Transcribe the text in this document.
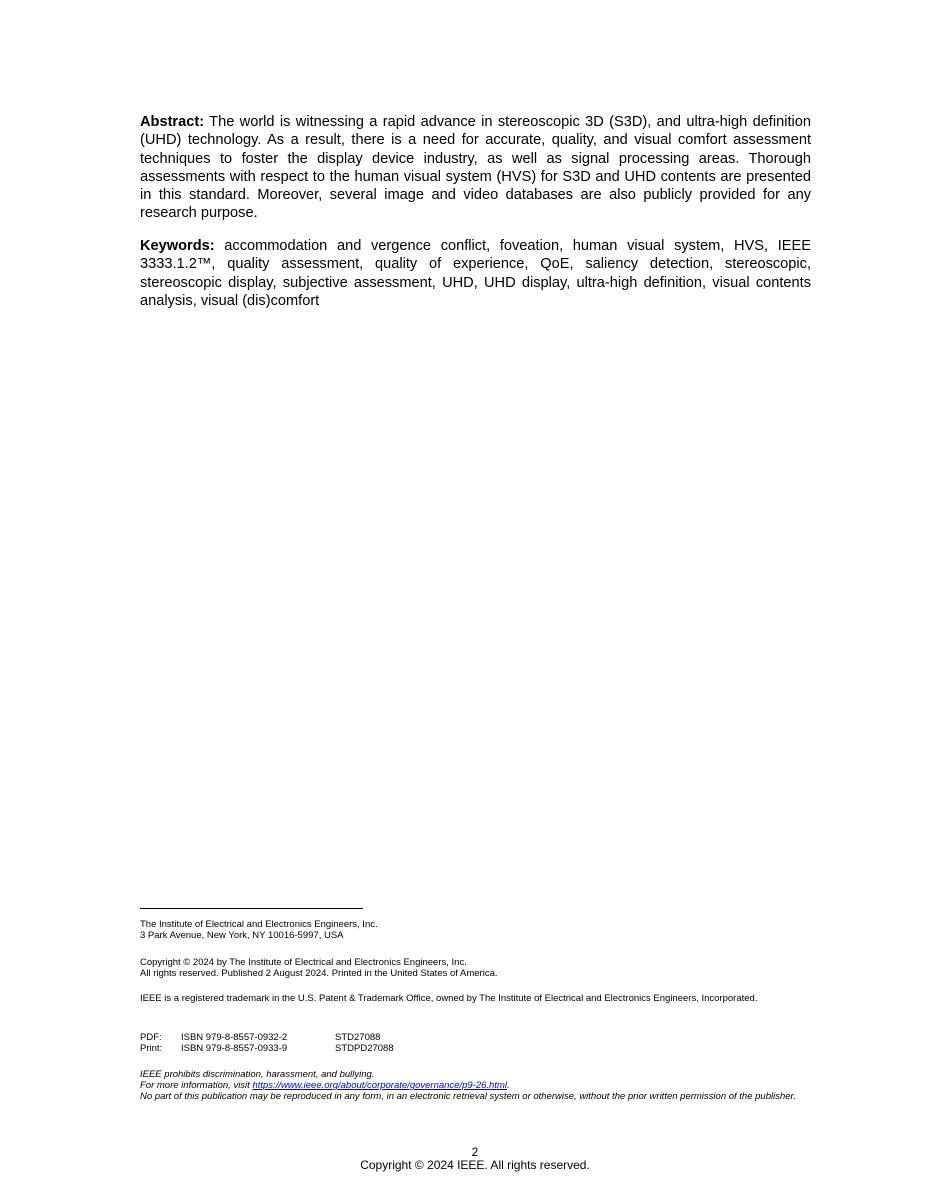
Abstract: The world is witnessing a rapid advance in stereoscopic 3D (S3D), and ultra-high definition (UHD) technology. As a result, there is a need for accurate, quality, and visual comfort assessment techniques to foster the display device industry, as well as signal processing areas. Thorough assessments with respect to the human visual system (HVS) for S3D and UHD contents are presented in this standard. Moreover, several image and video databases are also publicly provided for any research purpose.

Keywords: accommodation and vergence conflict, foveation, human visual system, HVS, IEEE 3333.1.2™, quality assessment, quality of experience, QoE, saliency detection, stereoscopic, stereoscopic display, subjective assessment, UHD, UHD display, ultra-high definition, visual contents analysis, visual (dis)comfort

The Institute of Electrical and Electronics Engineers, Inc.
3 Park Avenue, New York, NY 10016-5997, USA
Copyright © 2024 by The Institute of Electrical and Electronics Engineers, Inc.
All rights reserved. Published 2 August 2024. Printed in the United States of America.
IEEE is a registered trademark in the U.S. Patent & Trademark Office, owned by The Institute of Electrical and Electronics Engineers, Incorporated.
PDF:	ISBN 979-8-8557-0932-2	STD27088
Print:	ISBN 979-8-8557-0933-9	STDPD27088
IEEE prohibits discrimination, harassment, and bullying.
For more information, visit https://www.ieee.org/about/corporate/governance/p9-26.html.
No part of this publication may be reproduced in any form, in an electronic retrieval system or otherwise, without the prior written permission of the publisher.
2
Copyright © 2024 IEEE. All rights reserved.
